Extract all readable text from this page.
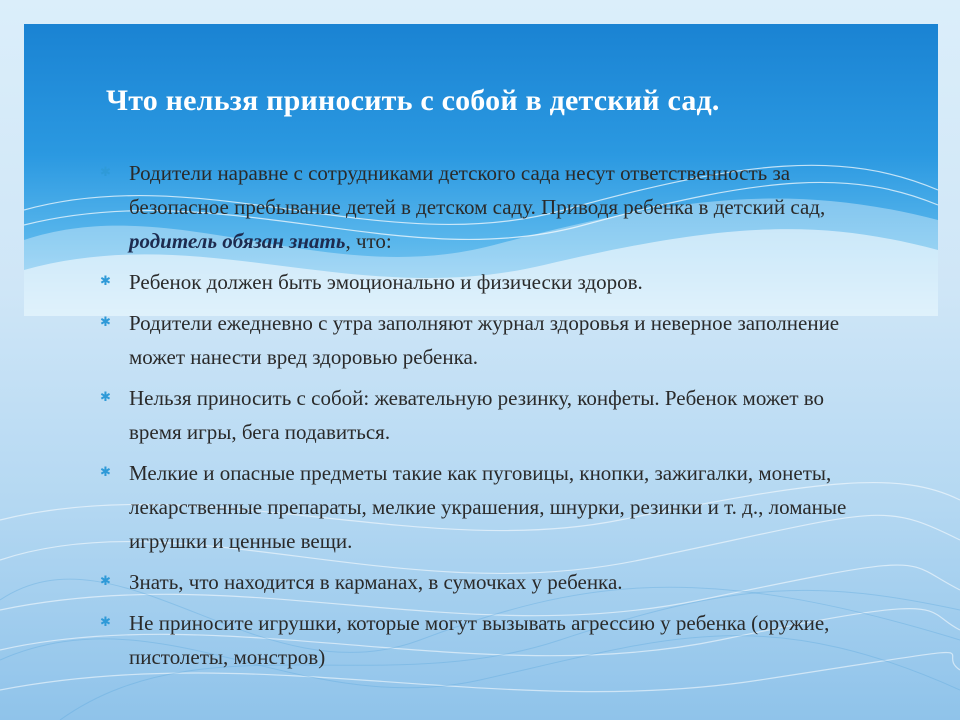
Что нельзя приносить с собой в детский сад.
✱ Родители наравне с сотрудниками детского сада несут ответственность за безопасное пребывание детей в детском саду. Приводя ребенка в детский сад, родитель обязан знать, что:
✱ Ребенок должен быть эмоционально и физически здоров.
✱ Родители ежедневно с утра заполняют журнал здоровья и неверное заполнение может нанести вред здоровью ребенка.
✱ Нельзя приносить с собой: жевательную резинку, конфеты. Ребенок может во время игры, бега подавиться.
✱ Мелкие и опасные предметы такие как пуговицы, кнопки, зажигалки, монеты, лекарственные препараты, мелкие украшения, шнурки, резинки и т. д., ломаные игрушки и ценные вещи.
✱ Знать, что находится в карманах, в сумочках у ребенка.
✱ Не приносите игрушки, которые могут вызывать агрессию у ребенка (оружие, пистолеты, монстров)
